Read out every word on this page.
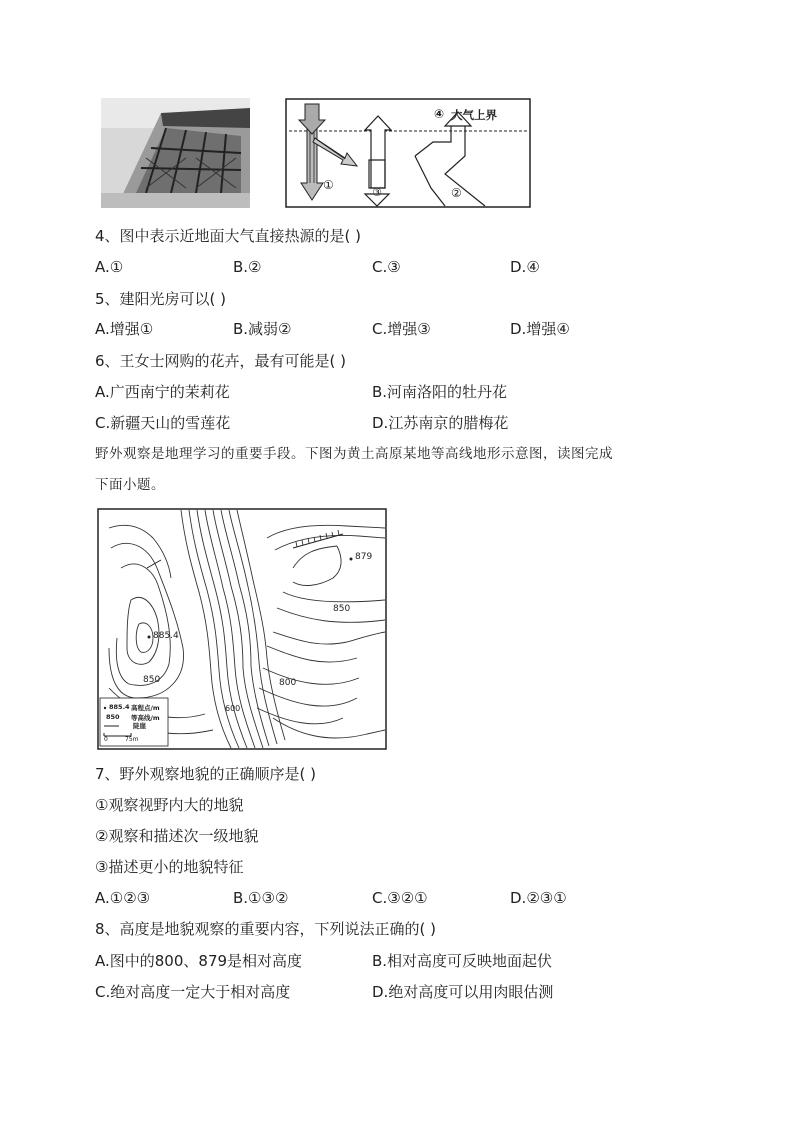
④ 大气上界
①
③	②
4、图中表示近地面大气直接热源的是( )
A.①	B.②	C.③	D.④
5、建阳光房可以( )
A.增强①	B.减弱②	C.增强③	D.增强④
6、王女士网购的花卉，最有可能是( )
A.广西南宁的茉莉花	B.河南洛阳的牡丹花
C.新疆天山的雪莲花	D.江苏南京的腊梅花
野外观察是地理学习的重要手段。下图为黄土高原某地等高线地形示意图，读图完成
下面小题。
879
850
885.4
850	800
600
885.4 高程点/m
850 等高线/m
陡崖
0	75m
7、野外观察地貌的正确顺序是( )
①观察视野内大的地貌
②观察和描述次一级地貌
③描述更小的地貌特征
A.①②③	B.①③②	C.③②①	D.②③①
8、高度是地貌观察的重要内容，下列说法正确的( )
A.图中的800、879是相对高度	B.相对高度可反映地面起伏
C.绝对高度一定大于相对高度	D.绝对高度可以用肉眼估测
